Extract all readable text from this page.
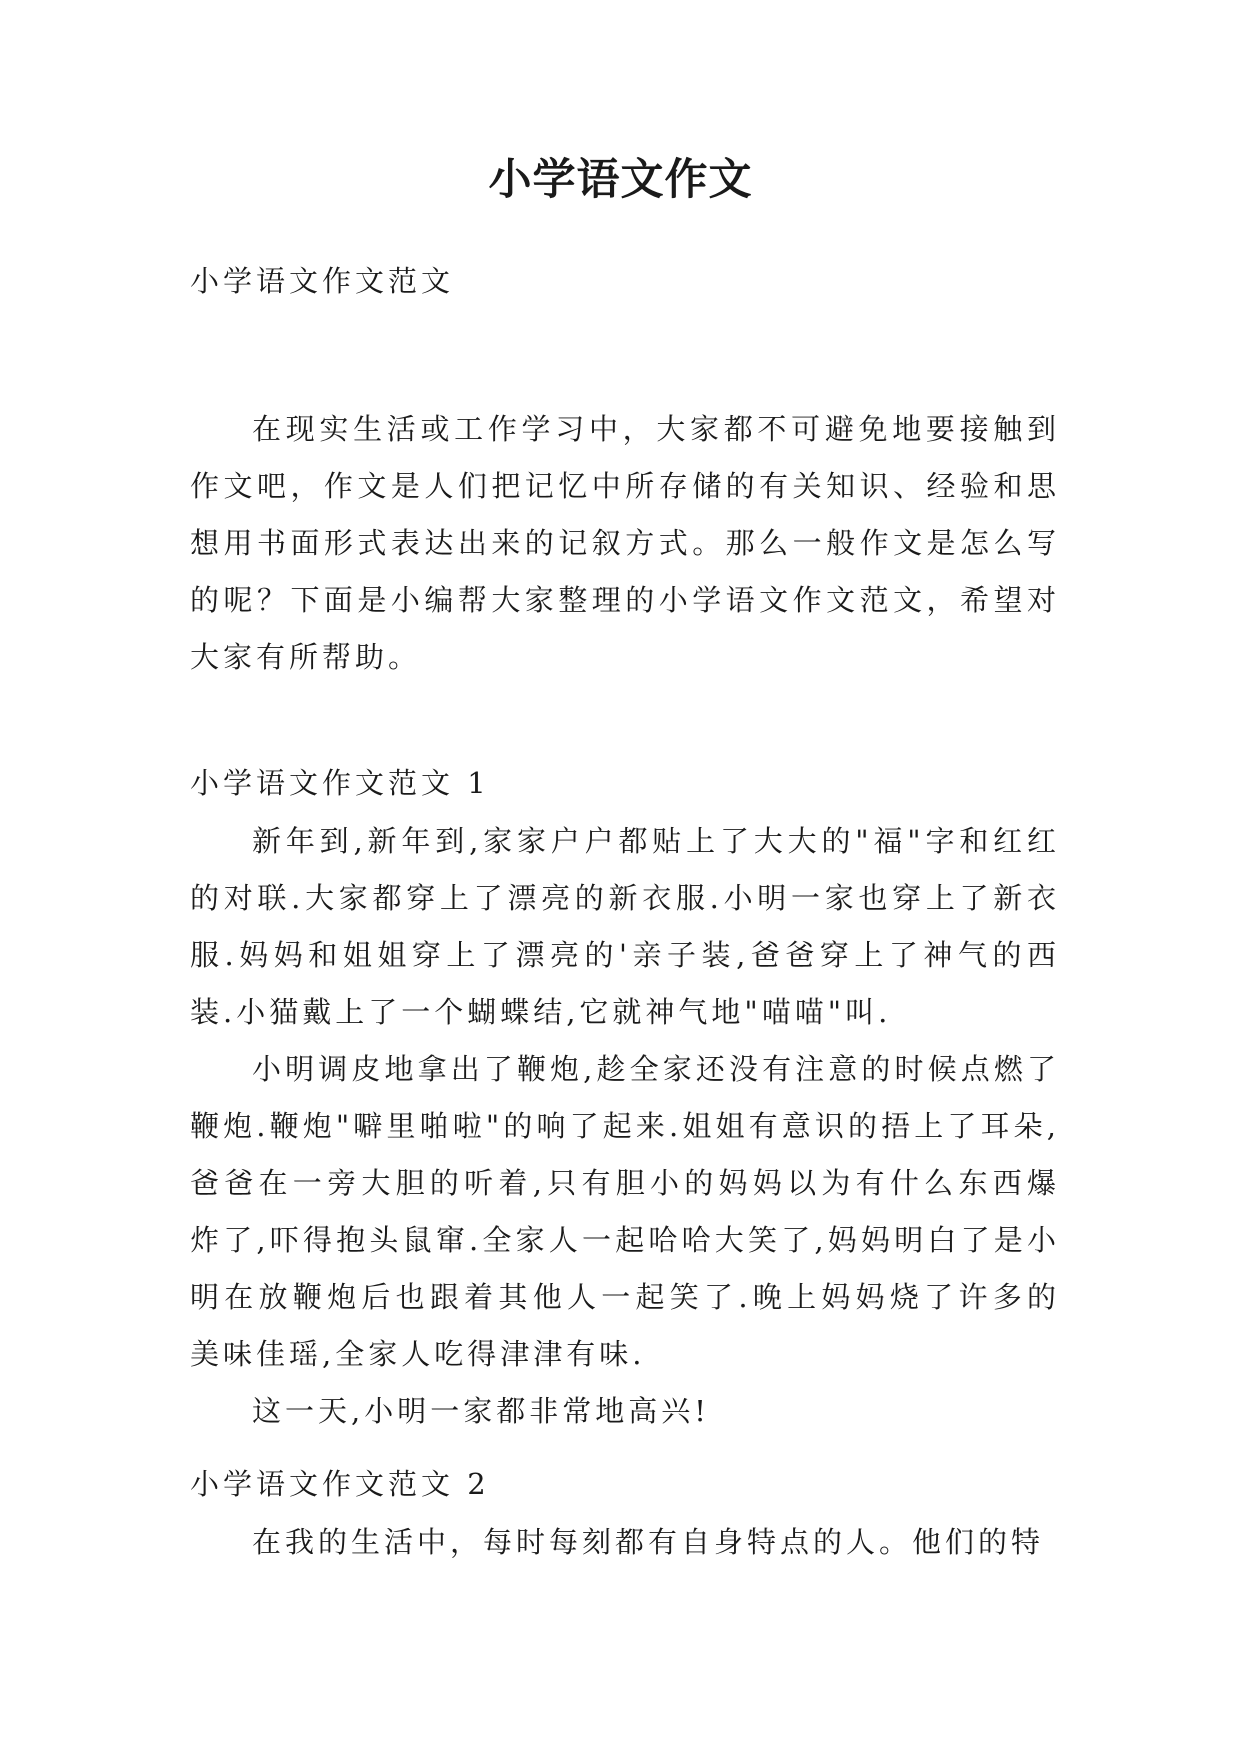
小学语文作文
小学语文作文范文

在现实生活或工作学习中，大家都不可避免地要接触到作文吧，作文是人们把记忆中所存储的有关知识、经验和思想用书面形式表达出来的记叙方式。那么一般作文是怎么写的呢？下面是小编帮大家整理的小学语文作文范文，希望对大家有所帮助。

小学语文作文范文 1

新年到,新年到,家家户户都贴上了大大的"福"字和红红的对联.大家都穿上了漂亮的新衣服.小明一家也穿上了新衣服.妈妈和姐姐穿上了漂亮的'亲子装,爸爸穿上了神气的西装.小猫戴上了一个蝴蝶结,它就神气地"喵喵"叫.

小明调皮地拿出了鞭炮,趁全家还没有注意的时候点燃了鞭炮.鞭炮"噼里啪啦"的响了起来.姐姐有意识的捂上了耳朵,爸爸在一旁大胆的听着,只有胆小的妈妈以为有什么东西爆炸了,吓得抱头鼠窜.全家人一起哈哈大笑了,妈妈明白了是小明在放鞭炮后也跟着其他人一起笑了.晚上妈妈烧了许多的美味佳瑶,全家人吃得津津有味.

这一天,小明一家都非常地高兴!

小学语文作文范文 2

在我的生活中，每时每刻都有自身特点的人。他们的特
